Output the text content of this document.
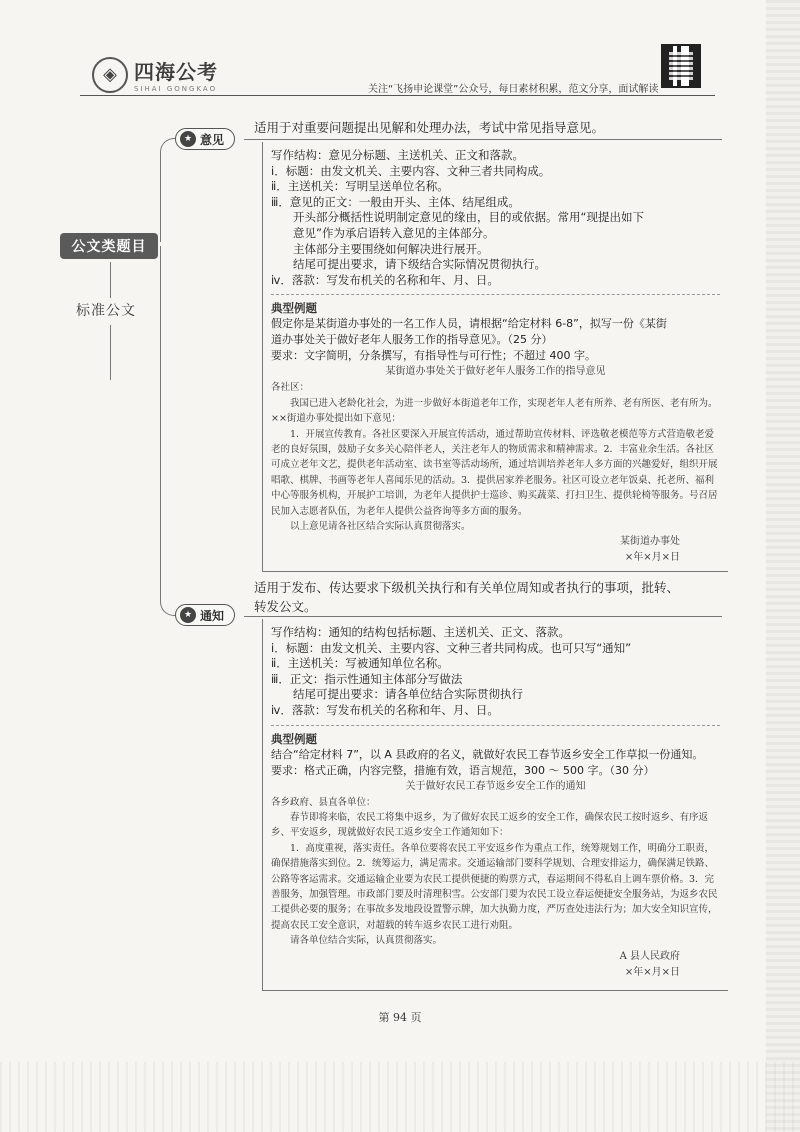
◈ 四海公考
SIHAI GONGKAO	关注“飞扬申论课堂”公众号，每日素材积累，范文分享，面试解读
公文类题目
标准公文
★ 意见
适用于对重要问题提出见解和处理办法，考试中常见指导意见。
写作结构：意见分标题、主送机关、正文和落款。
ⅰ．标题：由发文机关、主要内容、文种三者共同构成。
ⅱ．主送机关：写明呈送单位名称。
ⅲ．意见的正文：一般由开头、主体、结尾组成。
开头部分概括性说明制定意见的缘由，目的或依据。常用“现提出如下
意见”作为承启语转入意见的主体部分。
主体部分主要围绕如何解决进行展开。
结尾可提出要求，请下级结合实际情况贯彻执行。
ⅳ．落款：写发布机关的名称和年、月、日。
典型例题
假定你是某街道办事处的一名工作人员，请根据“给定材料 6-8”，拟写一份《某街
道办事处关于做好老年人服务工作的指导意见》。（25 分）
要求：文字简明，分条撰写，有指导性与可行性；不超过 400 字。
某街道办事处关于做好老年人服务工作的指导意见
各社区：
我国已进入老龄化社会，为进一步做好本街道老年工作，实现老年人老有所养、老有所医、老有所为。××街道办事处提出如下意见：
1．开展宣传教育。各社区要深入开展宣传活动，通过帮助宣传材料、评选敬老模范等方式营造敬老爱老的良好氛围，鼓励子女多关心陪伴老人，关注老年人的物质需求和精神需求。2．丰富业余生活。各社区可成立老年文艺，提供老年活动室、读书室等活动场所，通过培训培养老年人多方面的兴趣爱好，组织开展唱歌、棋牌、书画等老年人喜闻乐见的活动。3．提供居家养老服务。社区可设立老年饭桌、托老所、福利中心等服务机构，开展护工培训，为老年人提供护士巡诊、购买蔬菜、打扫卫生、提供轮椅等服务。号召居民加入志愿者队伍，为老年人提供公益咨询等多方面的服务。
以上意见请各社区结合实际认真贯彻落实。
某街道办事处
×年×月×日
适用于发布、传达要求下级机关执行和有关单位周知或者执行的事项，批转、
转发公文。
★ 通知
写作结构：通知的结构包括标题、主送机关、正文、落款。
ⅰ．标题：由发文机关、主要内容、文种三者共同构成。也可只写“通知”
ⅱ．主送机关：写被通知单位名称。
ⅲ．正文：指示性通知主体部分写做法
结尾可提出要求：请各单位结合实际贯彻执行
ⅳ．落款：写发布机关的名称和年、月、日。
典型例题
结合“给定材料 7”，以 A 县政府的名义，就做好农民工春节返乡安全工作草拟一份通知。
要求：格式正确，内容完整，措施有效，语言规范，300 ～ 500 字。（30 分）
关于做好农民工春节返乡安全工作的通知
各乡政府、县直各单位：
春节即将来临，农民工将集中返乡，为了做好农民工返乡的安全工作，确保农民工按时返乡、有序返乡、平安返乡，现就做好农民工返乡安全工作通知如下：
1．高度重视，落实责任。各单位要将农民工平安返乡作为重点工作，统筹规划工作，明确分工职责，确保措施落实到位。2．统筹运力，满足需求。交通运输部门要科学规划、合理安排运力，确保满足铁路、公路等客运需求。交通运输企业要为农民工提供便捷的购票方式，春运期间不得私自上调车票价格。3．完善服务，加强管理。市政部门要及时清理积雪。公安部门要为农民工设立春运便捷安全服务站，为返乡农民工提供必要的服务；在事故多发地段设置警示牌，加大执勤力度，严厉查处违法行为；加大安全知识宣传，提高农民工安全意识，对超载的转车返乡农民工进行劝阻。
请各单位结合实际，认真贯彻落实。
A 县人民政府
×年×月×日
第 94 页
